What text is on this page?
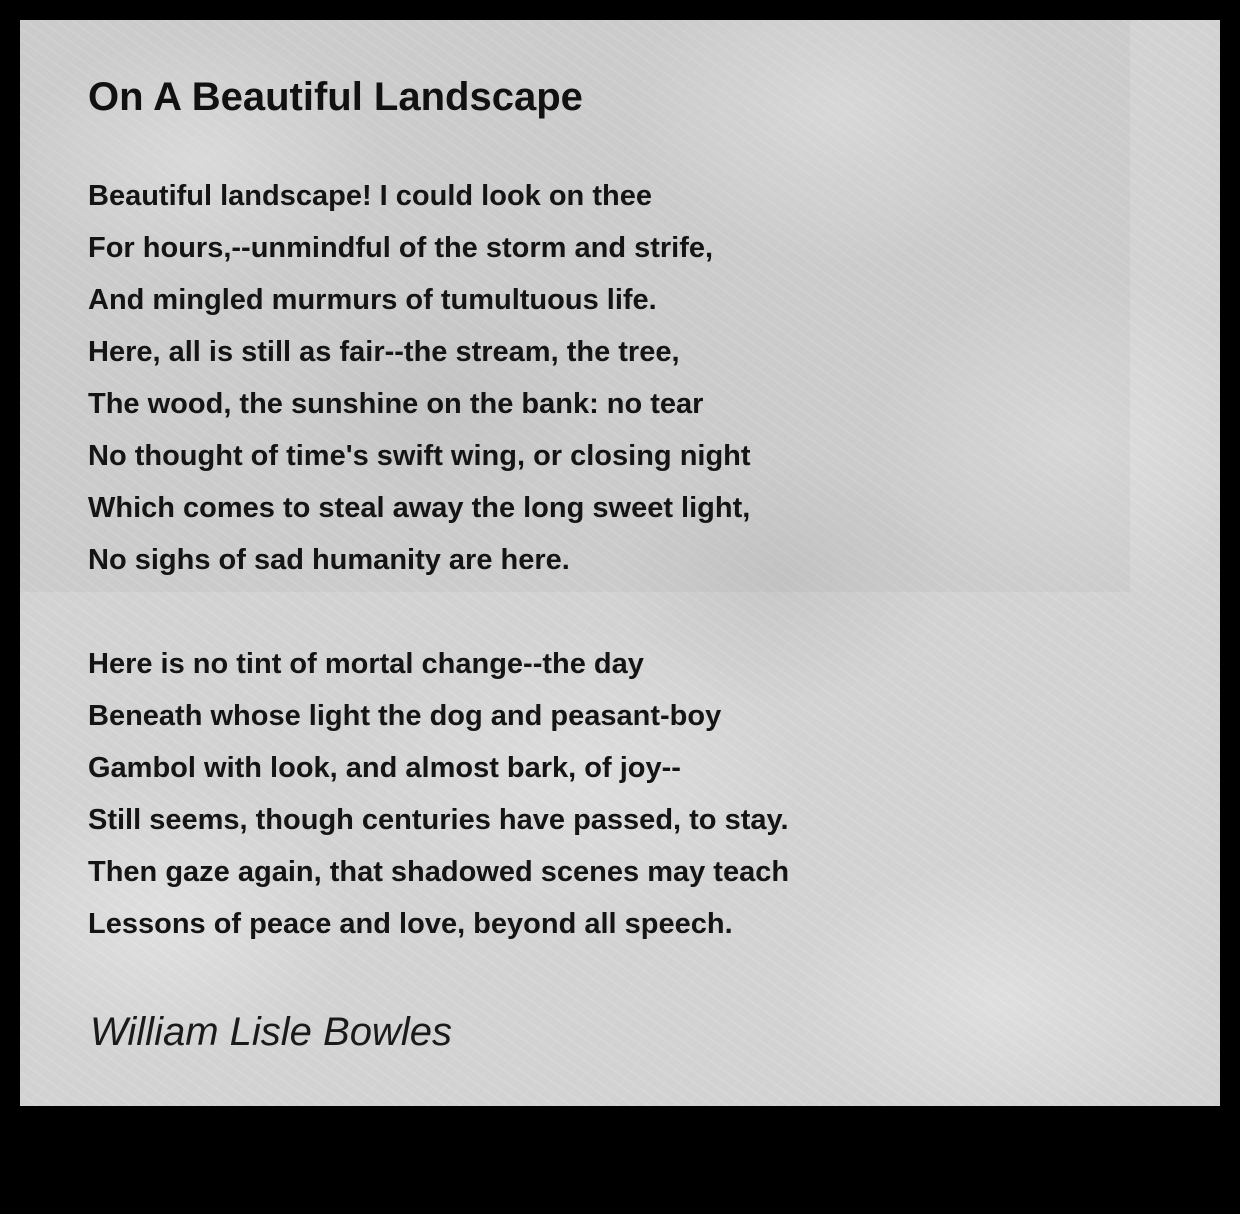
On A Beautiful Landscape
Beautiful landscape! I could look on thee
For hours,--unmindful of the storm and strife,
And mingled murmurs of tumultuous life.
Here, all is still as fair--the stream, the tree,
The wood, the sunshine on the bank: no tear
No thought of time's swift wing, or closing night
Which comes to steal away the long sweet light,
No sighs of sad humanity are here.
Here is no tint of mortal change--the day
Beneath whose light the dog and peasant-boy
Gambol with look, and almost bark, of joy--
Still seems, though centuries have passed, to stay.
Then gaze again, that shadowed scenes may teach
Lessons of peace and love, beyond all speech.

William Lisle Bowles
